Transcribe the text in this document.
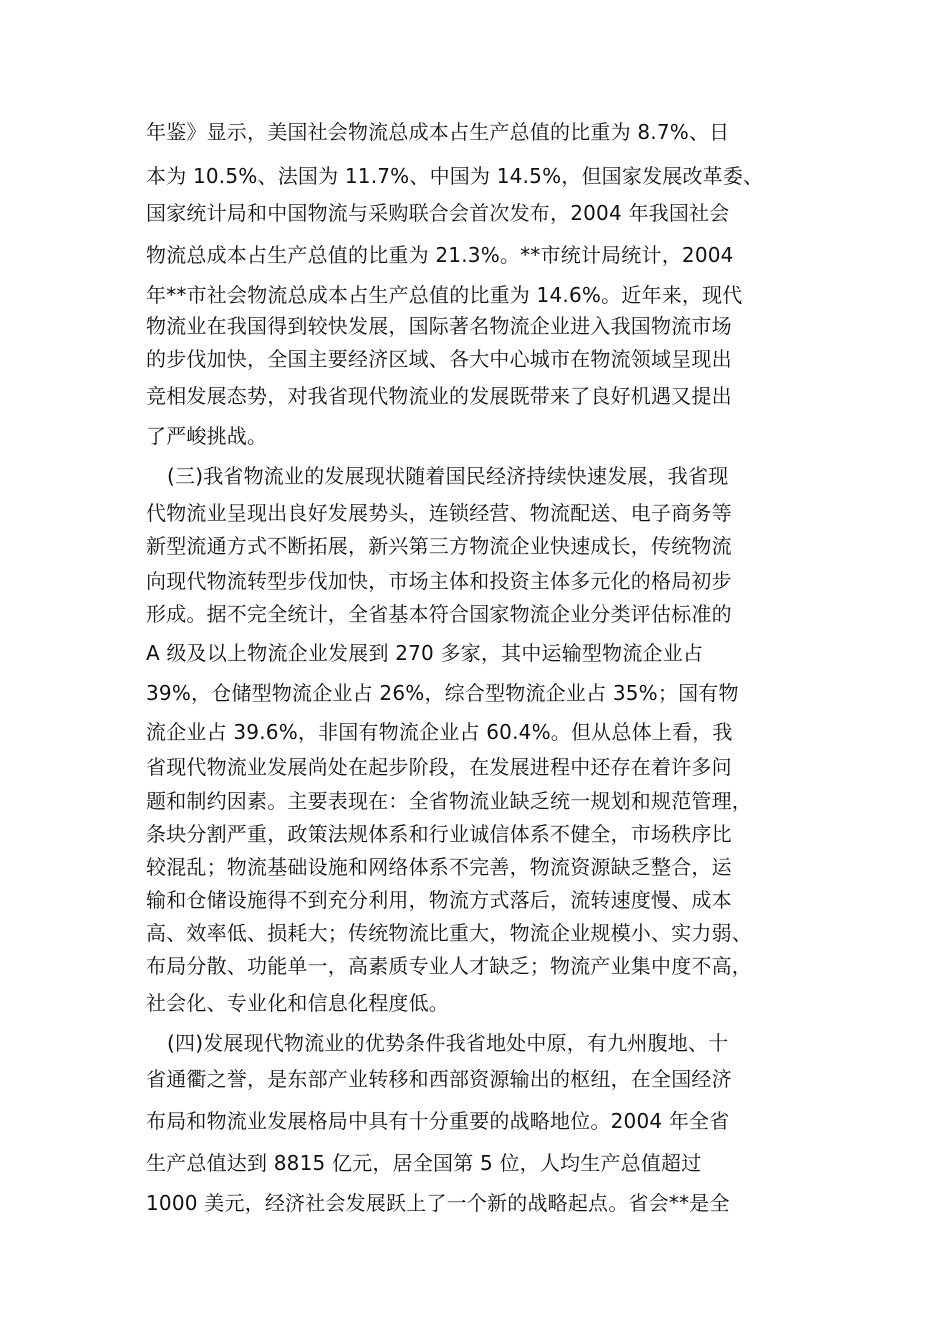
年鉴》显示，美国社会物流总成本占生产总值的比重为 8.7%、日
本为 10.5%、法国为 11.7%、中国为 14.5%，但国家发展改革委、
国家统计局和中国物流与采购联合会首次发布，2004 年我国社会
物流总成本占生产总值的比重为 21.3%。**市统计局统计，2004
年**市社会物流总成本占生产总值的比重为 14.6%。近年来，现代
物流业在我国得到较快发展，国际著名物流企业进入我国物流市场
的步伐加快，全国主要经济区域、各大中心城市在物流领域呈现出
竞相发展态势，对我省现代物流业的发展既带来了良好机遇又提出
了严峻挑战。
(三)我省物流业的发展现状随着国民经济持续快速发展，我省现
代物流业呈现出良好发展势头，连锁经营、物流配送、电子商务等
新型流通方式不断拓展，新兴第三方物流企业快速成长，传统物流
向现代物流转型步伐加快，市场主体和投资主体多元化的格局初步
形成。据不完全统计，全省基本符合国家物流企业分类评估标准的
A 级及以上物流企业发展到 270 多家，其中运输型物流企业占
39%，仓储型物流企业占 26%，综合型物流企业占 35%；国有物
流企业占 39.6%，非国有物流企业占 60.4%。但从总体上看，我
省现代物流业发展尚处在起步阶段，在发展进程中还存在着许多问
题和制约因素。主要表现在：全省物流业缺乏统一规划和规范管理，
条块分割严重，政策法规体系和行业诚信体系不健全，市场秩序比
较混乱；物流基础设施和网络体系不完善，物流资源缺乏整合，运
输和仓储设施得不到充分利用，物流方式落后，流转速度慢、成本
高、效率低、损耗大；传统物流比重大，物流企业规模小、实力弱、
布局分散、功能单一，高素质专业人才缺乏；物流产业集中度不高，
社会化、专业化和信息化程度低。
(四)发展现代物流业的优势条件我省地处中原，有九州腹地、十
省通衢之誉，是东部产业转移和西部资源输出的枢纽，在全国经济
布局和物流业发展格局中具有十分重要的战略地位。2004 年全省
生产总值达到 8815 亿元，居全国第 5 位，人均生产总值超过
1000 美元，经济社会发展跃上了一个新的战略起点。省会**是全
